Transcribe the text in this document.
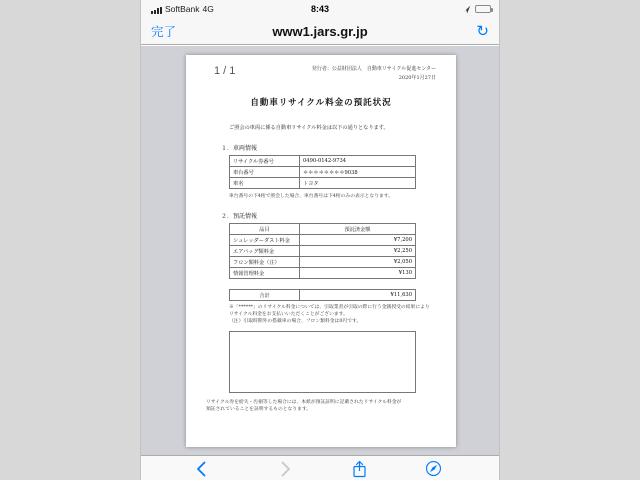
SoftBank 4G	8:43
完了	www1.jars.gr.jp	↻
1 / 1	発行者：公益財団法人　自動車リサイクル促進センター
2020年1月27日
自動車リサイクル料金の預託状況
ご照会の車両に係る自動車リサイクル料金は以下の通りとなります。
１．車両情報
リサイクル券番号	0490-0142-9734
車台番号	＊＊＊＊＊＊＊＊9038
車名	トヨタ
車台番号の下4桁で照会した場合、車台番号は下4桁のみの表示となります。
２．預託情報
品目	預託済金額
シュレッダーダスト料金	¥7,200
エアバッグ類料金	¥2,250
フロン類料金（注）	¥2,050
情報管理料金	¥130
合計	¥11,630
※「******」のリサイクル料金については、引取業者が引取の際に行う金銭授受の結果により
リサイクル料金をお支払いいただくことがございます。
（注）引取時期外の搭載車の場合、フロン類料金は0円です。
リサイクル券を紛失・汚損等した場合には、本紙が預託証明に記載されたリサイクル料金が
預託されていることを証明するものとなります。
